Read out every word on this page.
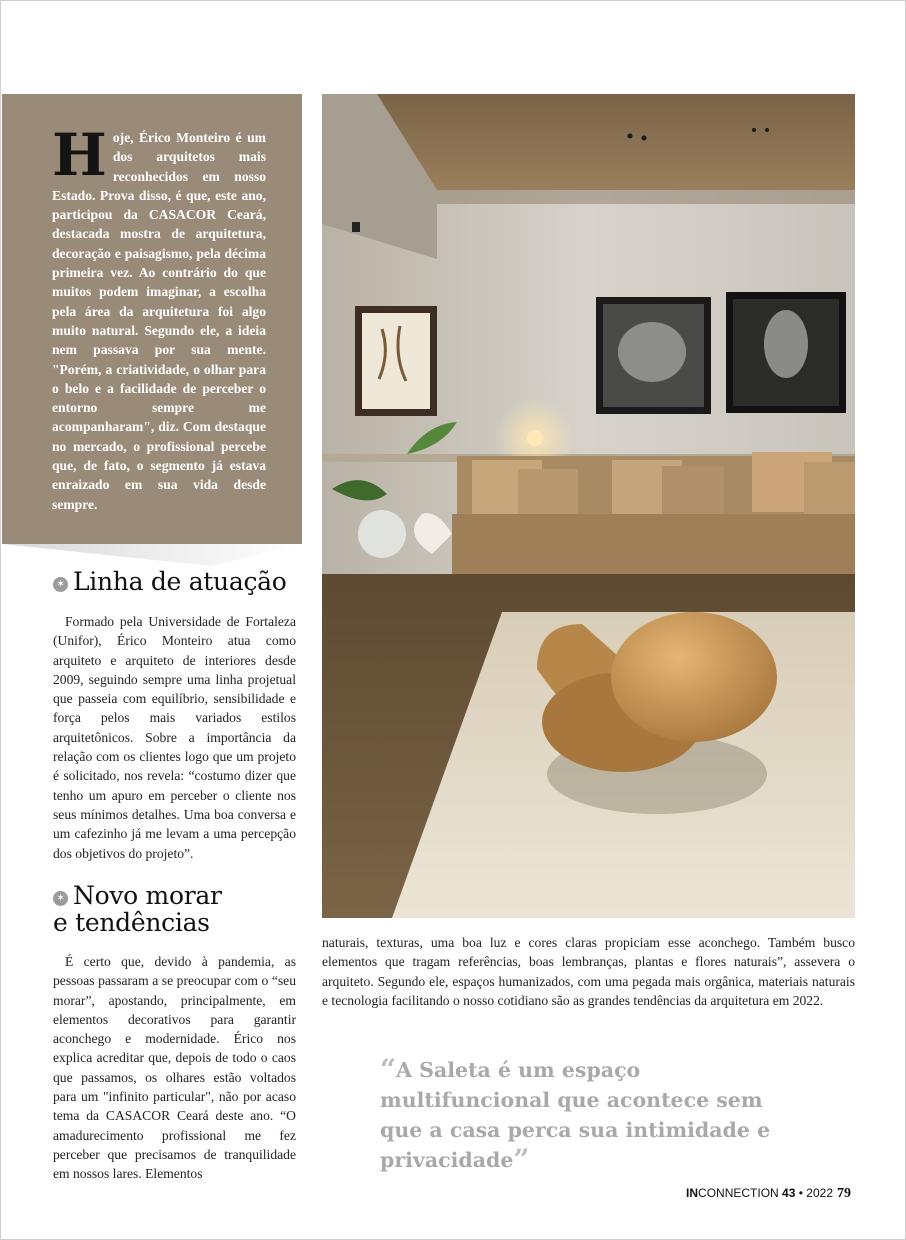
Hoje, Érico Monteiro é um dos arquitetos mais reconhecidos em nosso Estado. Prova disso, é que, este ano, participou da CASACOR Ceará, destacada mostra de arquitetura, decoração e paisagismo, pela décima primeira vez. Ao contrário do que muitos podem imaginar, a escolha pela área da arquitetura foi algo muito natural. Segundo ele, a ideia nem passava por sua mente. "Porém, a criatividade, o olhar para o belo e a facilidade de perceber o entorno sempre me acompanharam", diz. Com destaque no mercado, o profissional percebe que, de fato, o segmento já estava enraizado em sua vida desde sempre.

✶ Linha de atuação

Formado pela Universidade de Fortaleza (Unifor), Érico Monteiro atua como arquiteto e arquiteto de interiores desde 2009, seguindo sempre uma linha projetual que passeia com equilíbrio, sensibilidade e força pelos mais variados estilos arquitetônicos. Sobre a importância da relação com os clientes logo que um projeto é solicitado, nos revela: “costumo dizer que tenho um apuro em perceber o cliente nos seus mínimos detalhes. Uma boa conversa e um cafezinho já me levam a uma percepção dos objetivos do projeto”.

✶ Novo morar
e tendências

É certo que, devido à pandemia, as pessoas passaram a se preocupar com o “seu morar”, apostando, principalmente, em elementos decorativos para garantir aconchego e modernidade. Érico nos explica acreditar que, depois de todo o caos que passamos, os olhares estão voltados para um "infinito particular", não por acaso tema da CASACOR Ceará deste ano. “O amadurecimento profissional me fez perceber que precisamos de tranquilidade em nossos lares. Elementos

naturais, texturas, uma boa luz e cores claras propiciam esse aconchego. Também busco elementos que tragam referências, boas lembranças, plantas e flores naturais”, assevera o arquiteto. Segundo ele, espaços humanizados, com uma pegada mais orgânica, materiais naturais e tecnologia facilitando o nosso cotidiano são as grandes tendências da arquitetura em 2022.

“A Saleta é um espaço multifuncional que acontece sem que a casa perca sua intimidade e privacidade”

INCONNECTION 43 • 2022 79
